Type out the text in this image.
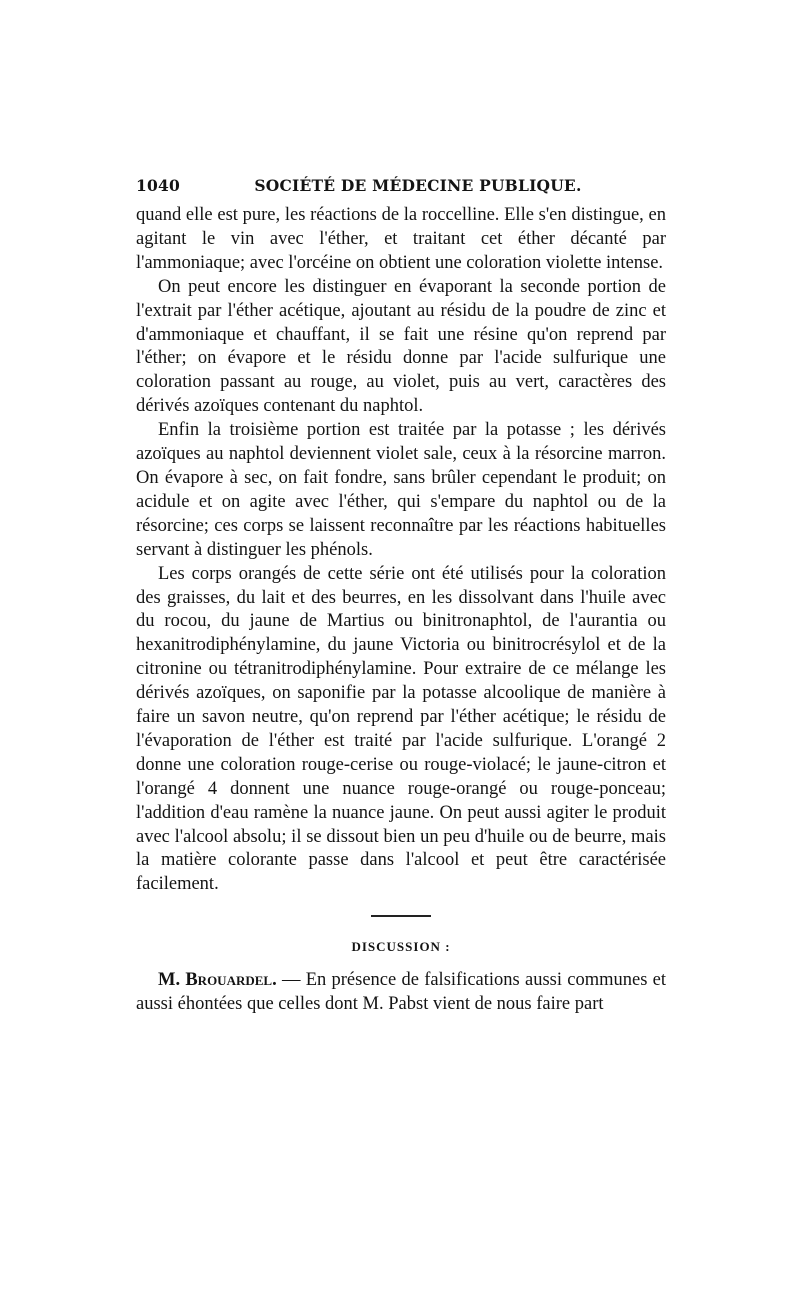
1040	SOCIÉTÉ DE MÉDECINE PUBLIQUE.

quand elle est pure, les réactions de la roccelline. Elle s'en distingue, en agitant le vin avec l'éther, et traitant cet éther décanté par l'ammoniaque; avec l'orcéine on obtient une coloration violette intense.

On peut encore les distinguer en évaporant la seconde portion de l'extrait par l'éther acétique, ajoutant au résidu de la poudre de zinc et d'ammoniaque et chauffant, il se fait une résine qu'on reprend par l'éther; on évapore et le résidu donne par l'acide sulfurique une coloration passant au rouge, au violet, puis au vert, caractères des dérivés azoïques contenant du naphtol.

Enfin la troisième portion est traitée par la potasse ; les dérivés azoïques au naphtol deviennent violet sale, ceux à la résorcine marron. On évapore à sec, on fait fondre, sans brûler cependant le produit; on acidule et on agite avec l'éther, qui s'empare du naphtol ou de la résorcine; ces corps se laissent reconnaître par les réactions habituelles servant à distinguer les phénols.

Les corps orangés de cette série ont été utilisés pour la coloration des graisses, du lait et des beurres, en les dissolvant dans l'huile avec du rocou, du jaune de Martius ou binitronaphtol, de l'aurantia ou hexanitrodiphénylamine, du jaune Victoria ou binitrocrésylol et de la citronine ou tétranitrodiphénylamine. Pour extraire de ce mélange les dérivés azoïques, on saponifie par la potasse alcoolique de manière à faire un savon neutre, qu'on reprend par l'éther acétique; le résidu de l'évaporation de l'éther est traité par l'acide sulfurique. L'orangé 2 donne une coloration rouge-cerise ou rouge-violacé; le jaune-citron et l'orangé 4 donnent une nuance rouge-orangé ou rouge-ponceau; l'addition d'eau ramène la nuance jaune. On peut aussi agiter le produit avec l'alcool absolu; il se dissout bien un peu d'huile ou de beurre, mais la matière colorante passe dans l'alcool et peut être caractérisée facilement.

DISCUSSION :

M. Brouardel. — En présence de falsifications aussi communes et aussi éhontées que celles dont M. Pabst vient de nous faire part
